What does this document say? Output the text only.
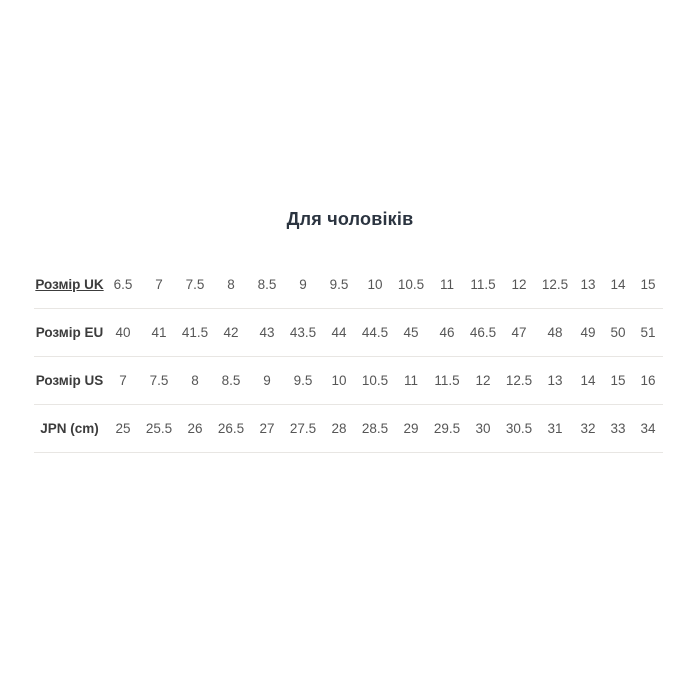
Для чоловіків
Розмір UK	6.5	7	7.5	8	8.5	9	9.5	10	10.5	11	11.5	12	12.5	13	14	15
Розмір EU	40	41	41.5	42	43	43.5	44	44.5	45	46	46.5	47	48	49	50	51
Розмір US	7	7.5	8	8.5	9	9.5	10	10.5	11	11.5	12	12.5	13	14	15	16
JPN (cm)	25	25.5	26	26.5	27	27.5	28	28.5	29	29.5	30	30.5	31	32	33	34
